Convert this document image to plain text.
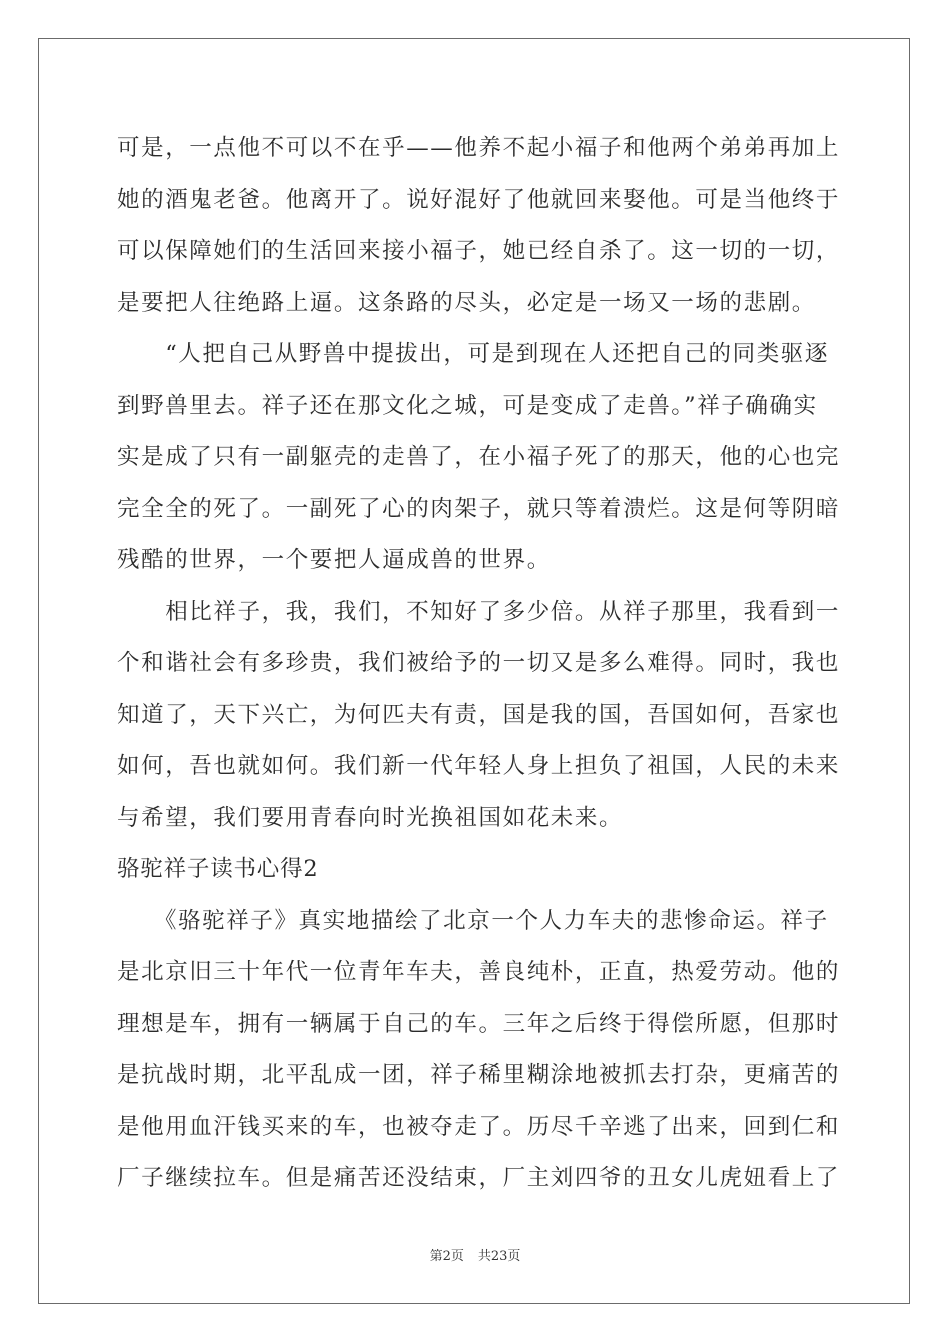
可是，一点他不可以不在乎——他养不起小福子和他两个弟弟再加上
她的酒鬼老爸。他离开了。说好混好了他就回来娶他。可是当他终于
可以保障她们的生活回来接小福子，她已经自杀了。这一切的一切，
是要把人往绝路上逼。这条路的尽头，必定是一场又一场的悲剧。
　　“人把自己从野兽中提拔出，可是到现在人还把自己的同类驱逐
到野兽里去。祥子还在那文化之城，可是变成了走兽。”祥子确确实
实是成了只有一副躯壳的走兽了，在小福子死了的那天，他的心也完
完全全的死了。一副死了心的肉架子，就只等着溃烂。这是何等阴暗
残酷的世界，一个要把人逼成兽的世界。
　　相比祥子，我，我们，不知好了多少倍。从祥子那里，我看到一
个和谐社会有多珍贵，我们被给予的一切又是多么难得。同时，我也
知道了，天下兴亡，为何匹夫有责，国是我的国，吾国如何，吾家也
如何，吾也就如何。我们新一代年轻人身上担负了祖国，人民的未来
与希望，我们要用青春向时光换祖国如花未来。
骆驼祥子读书心得2
　　《骆驼祥子》真实地描绘了北京一个人力车夫的悲惨命运。祥子
是北京旧三十年代一位青年车夫，善良纯朴，正直，热爱劳动。他的
理想是车，拥有一辆属于自己的车。三年之后终于得偿所愿，但那时
是抗战时期，北平乱成一团，祥子稀里糊涂地被抓去打杂，更痛苦的
是他用血汗钱买来的车，也被夺走了。历尽千辛逃了出来，回到仁和
厂子继续拉车。但是痛苦还没结束，厂主刘四爷的丑女儿虎妞看上了
第2页 共23页
